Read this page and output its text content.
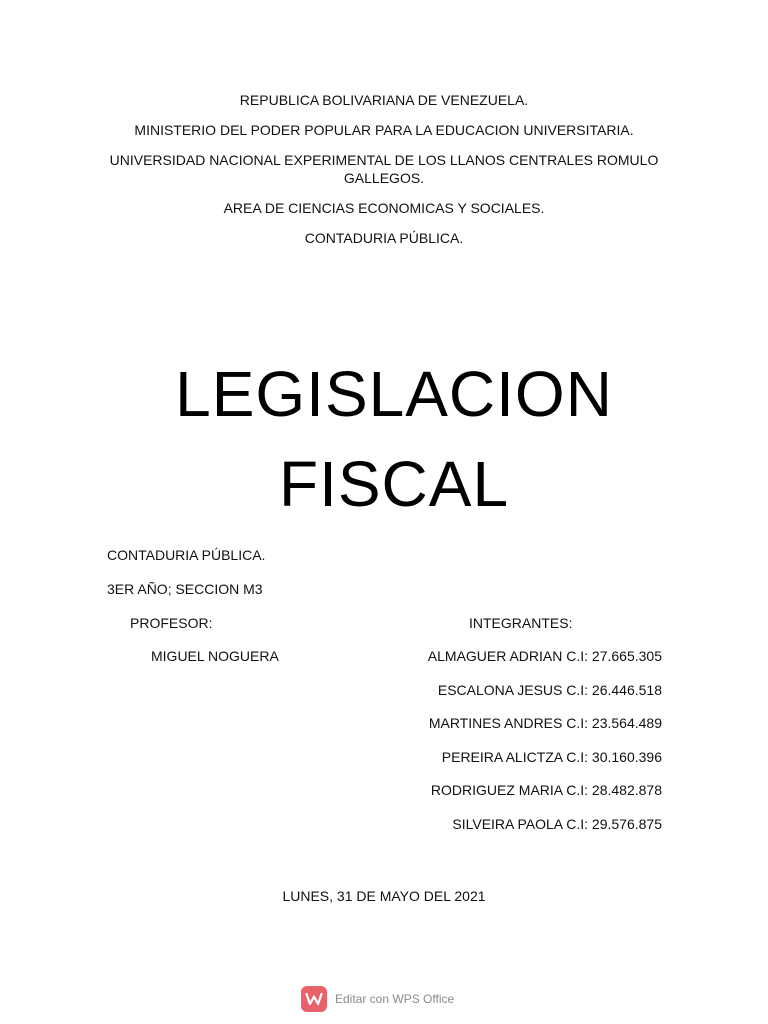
REPUBLICA BOLIVARIANA DE VENEZUELA.
MINISTERIO DEL PODER POPULAR PARA LA EDUCACION UNIVERSITARIA.
UNIVERSIDAD NACIONAL EXPERIMENTAL DE LOS LLANOS CENTRALES ROMULO GALLEGOS.
AREA DE CIENCIAS ECONOMICAS Y SOCIALES.
CONTADURIA PÚBLICA.
LEGISLACION
FISCAL
CONTADURIA PÚBLICA.
3ER AÑO; SECCION M3
PROFESOR:
MIGUEL NOGUERA
INTEGRANTES:
ALMAGUER ADRIAN C.I: 27.665.305
ESCALONA JESUS C.I: 26.446.518
MARTINES ANDRES C.I: 23.564.489
PEREIRA ALICTZA C.I: 30.160.396
RODRIGUEZ MARIA C.I: 28.482.878
SILVEIRA PAOLA C.I: 29.576.875
LUNES, 31 DE MAYO DEL 2021
Editar con WPS Office
